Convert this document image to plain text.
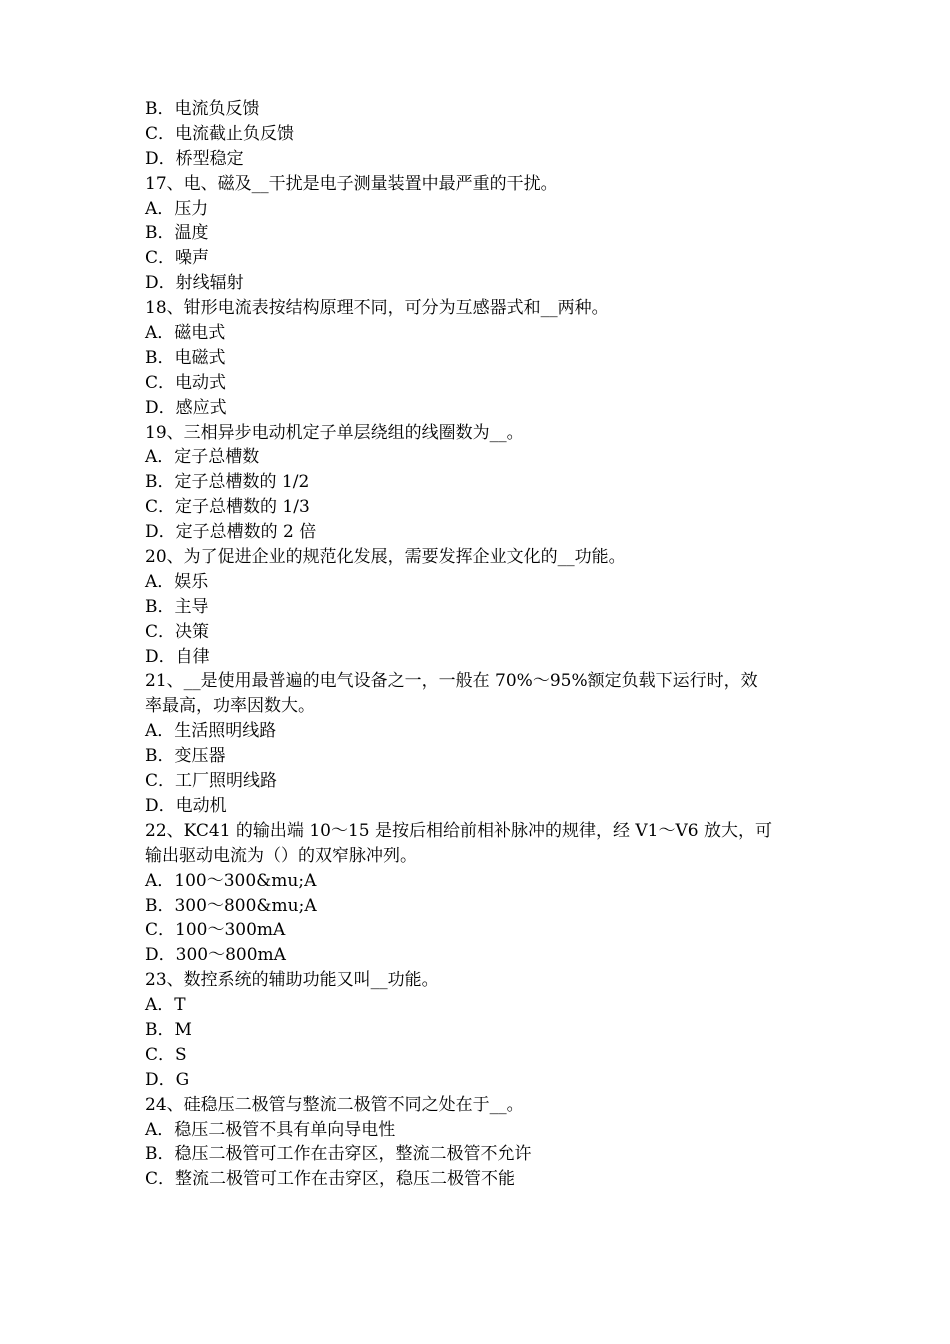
B．电流负反馈
C．电流截止负反馈
D．桥型稳定
17、电、磁及__干扰是电子测量装置中最严重的干扰。
A．压力
B．温度
C．噪声
D．射线辐射
18、钳形电流表按结构原理不同，可分为互感器式和__两种。
A．磁电式
B．电磁式
C．电动式
D．感应式
19、三相异步电动机定子单层绕组的线圈数为__。
A．定子总槽数
B．定子总槽数的 1/2
C．定子总槽数的 1/3
D．定子总槽数的 2 倍
20、为了促进企业的规范化发展，需要发挥企业文化的__功能。
A．娱乐
B．主导
C．决策
D．自律
21、__是使用最普遍的电气设备之一，一般在 70%～95%额定负载下运行时，效
率最高，功率因数大。
A．生活照明线路
B．变压器
C．工厂照明线路
D．电动机
22、KC41 的输出端 10～15 是按后相给前相补脉冲的规律，经 V1～V6 放大，可
输出驱动电流为（）的双窄脉冲列。
A．100～300&mu;A
B．300～800&mu;A
C．100～300mA
D．300～800mA
23、数控系统的辅助功能又叫__功能。
A．T
B．M
C．S
D．G
24、硅稳压二极管与整流二极管不同之处在于__。
A．稳压二极管不具有单向导电性
B．稳压二极管可工作在击穿区，整流二极管不允许
C．整流二极管可工作在击穿区，稳压二极管不能
